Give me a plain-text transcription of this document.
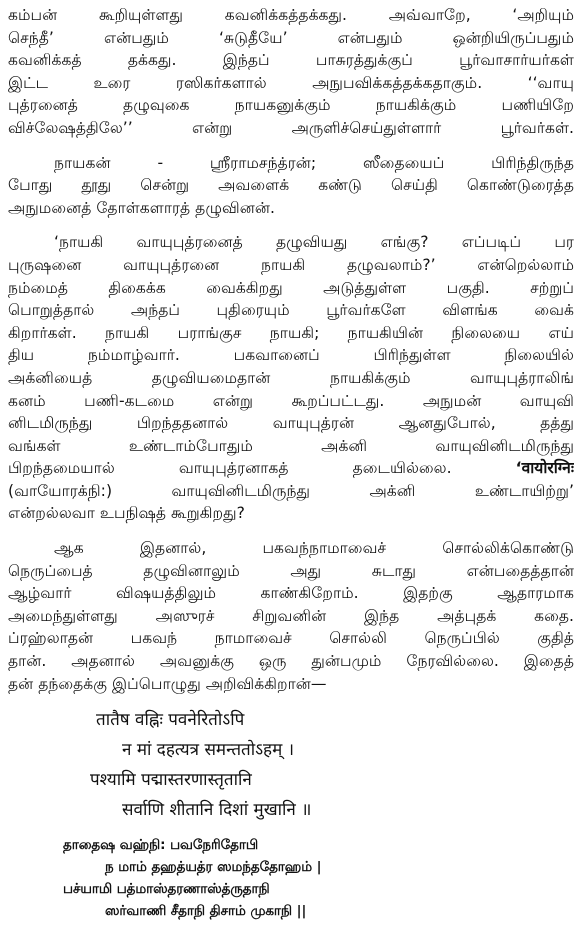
கம்பன் கூறியுள்ளது கவனிக்கத்தக்கது. அவ்வாறே, ‘அறியும்
செந்தீ’ என்பதும் ‘சுடுதீயே’ என்பதும் ஒன்றியிருப்பதும்
கவனிக்கத் தக்கது. இந்தப் பாசுரத்துக்குப் பூர்வாசார்யர்கள்
இட்ட உரை ரஸிகர்களால் அநுபவிக்கத்தக்கதாகும். ‘‘வாயு
புத்ரனைத் தழுவுகை நாயகனுக்கும் நாயகிக்கும் பணியிறே
விச்லேஷத்திலே’’ என்று அருளிச்செய்துள்ளார் பூர்வர்கள்.
நாயகன் - ஸ்ரீராமசந்த்ரன்; ஸீதையைப் பிரிந்திருந்த
போது தூது சென்று அவளைக் கண்டு செய்தி கொண்டுரைத்த
அநுமனைத் தோள்களாரத் தழுவினன்.
‘நாயகி வாயுபுத்ரனைத் தழுவியது எங்கு? எப்படிப் பர
புருஷனை வாயுபுத்ரனை நாயகி தழுவலாம்?’ என்றெல்லாம்
நம்மைத் திகைக்க வைக்கிறது அடுத்துள்ள பகுதி. சற்றுப்
பொறுத்தால் அந்தப் புதிரையும் பூர்வர்களே விளங்க வைக்
கிறார்கள். நாயகி பராங்குச நாயகி; நாயகியின் நிலையை எய்
திய நம்மாழ்வார். பகவானைப் பிரிந்துள்ள நிலையில்
அக்னியைத் தழுவியமைதான் நாயகிக்கும் வாயுபுத்ராலிங்
கனம் பணி-கடமை என்று கூறப்பட்டது. அநுமன் வாயுவி
னிடமிருந்து பிறந்ததனால் வாயுபுத்ரன் ஆனதுபோல், தத்து
வங்கள் உண்டாம்போதும் அக்னி வாயுவினிடமிருந்து
பிறந்தமையால் வாயுபுத்ரனாகத் தடையில்லை.	‘वायोरग्निः
(வாயோரக்நி:) வாயுவினிடமிருந்து அக்னி உண்டாயிற்று’
என்றல்லவா உபநிஷத் கூறுகிறது?
ஆக இதனால், பகவந்நாமாவைச் சொல்லிக்கொண்டு
நெருப்பைத் தழுவினாலும் அது சுடாது என்பதைத்தான்
ஆழ்வார் விஷயத்திலும் காண்கிறோம். இதற்கு ஆதாரமாக
அமைந்துள்ளது அஸுரச் சிறுவனின் இந்த அத்புதக் கதை.
ப்ரஹ்லாதன் பகவந் நாமாவைச் சொல்லி நெருப்பில் குதித்
தான். அதனால் அவனுக்கு ஒரு துன்பமும் நேரவில்லை. இதைத்
தன் தந்தைக்கு இப்பொழுது அறிவிக்கிறான்—
तातैष वह्निः पवनेरितोऽपि
न मां दहत्यत्र समन्ततोऽहम् ।
पश्यामि पद्मास्तरणास्तृतानि
सर्वाणि शीतानि दिशां मुखानि ॥
தாதைஷ வஹ்நி: பவநேரிதோபி
ந மாம் தஹத்யத்ர ஸமந்ததோஹம் |
பச்யாமி பத்மாஸ்தரணாஸ்த்ருதாநி
ஸர்வாணி சீதாநி திசாம் முகாநி ||
